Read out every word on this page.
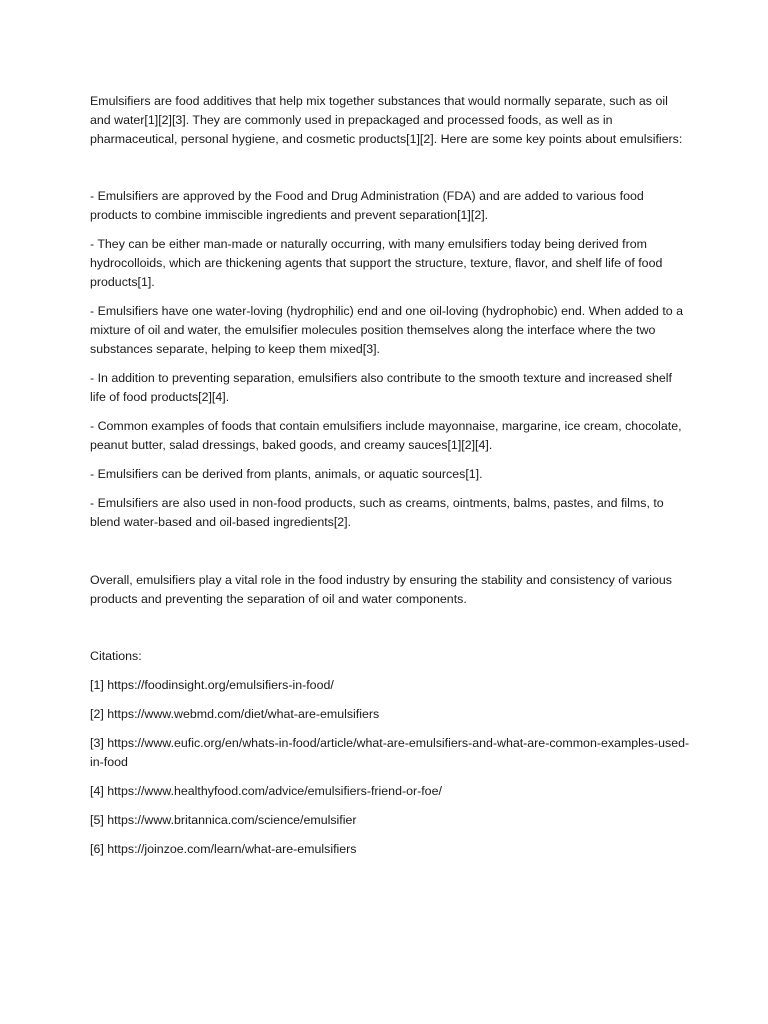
Emulsifiers are food additives that help mix together substances that would normally separate, such as oil and water[1][2][3]. They are commonly used in prepackaged and processed foods, as well as in pharmaceutical, personal hygiene, and cosmetic products[1][2]. Here are some key points about emulsifiers:

- Emulsifiers are approved by the Food and Drug Administration (FDA) and are added to various food products to combine immiscible ingredients and prevent separation[1][2].

- They can be either man-made or naturally occurring, with many emulsifiers today being derived from hydrocolloids, which are thickening agents that support the structure, texture, flavor, and shelf life of food products[1].

- Emulsifiers have one water-loving (hydrophilic) end and one oil-loving (hydrophobic) end. When added to a mixture of oil and water, the emulsifier molecules position themselves along the interface where the two substances separate, helping to keep them mixed[3].

- In addition to preventing separation, emulsifiers also contribute to the smooth texture and increased shelf life of food products[2][4].

- Common examples of foods that contain emulsifiers include mayonnaise, margarine, ice cream, chocolate, peanut butter, salad dressings, baked goods, and creamy sauces[1][2][4].

- Emulsifiers can be derived from plants, animals, or aquatic sources[1].

- Emulsifiers are also used in non-food products, such as creams, ointments, balms, pastes, and films, to blend water-based and oil-based ingredients[2].

Overall, emulsifiers play a vital role in the food industry by ensuring the stability and consistency of various products and preventing the separation of oil and water components.

Citations:

[1] https://foodinsight.org/emulsifiers-in-food/

[2] https://www.webmd.com/diet/what-are-emulsifiers

[3] https://www.eufic.org/en/whats-in-food/article/what-are-emulsifiers-and-what-are-common-examples-used-in-food

[4] https://www.healthyfood.com/advice/emulsifiers-friend-or-foe/

[5] https://www.britannica.com/science/emulsifier

[6] https://joinzoe.com/learn/what-are-emulsifiers
